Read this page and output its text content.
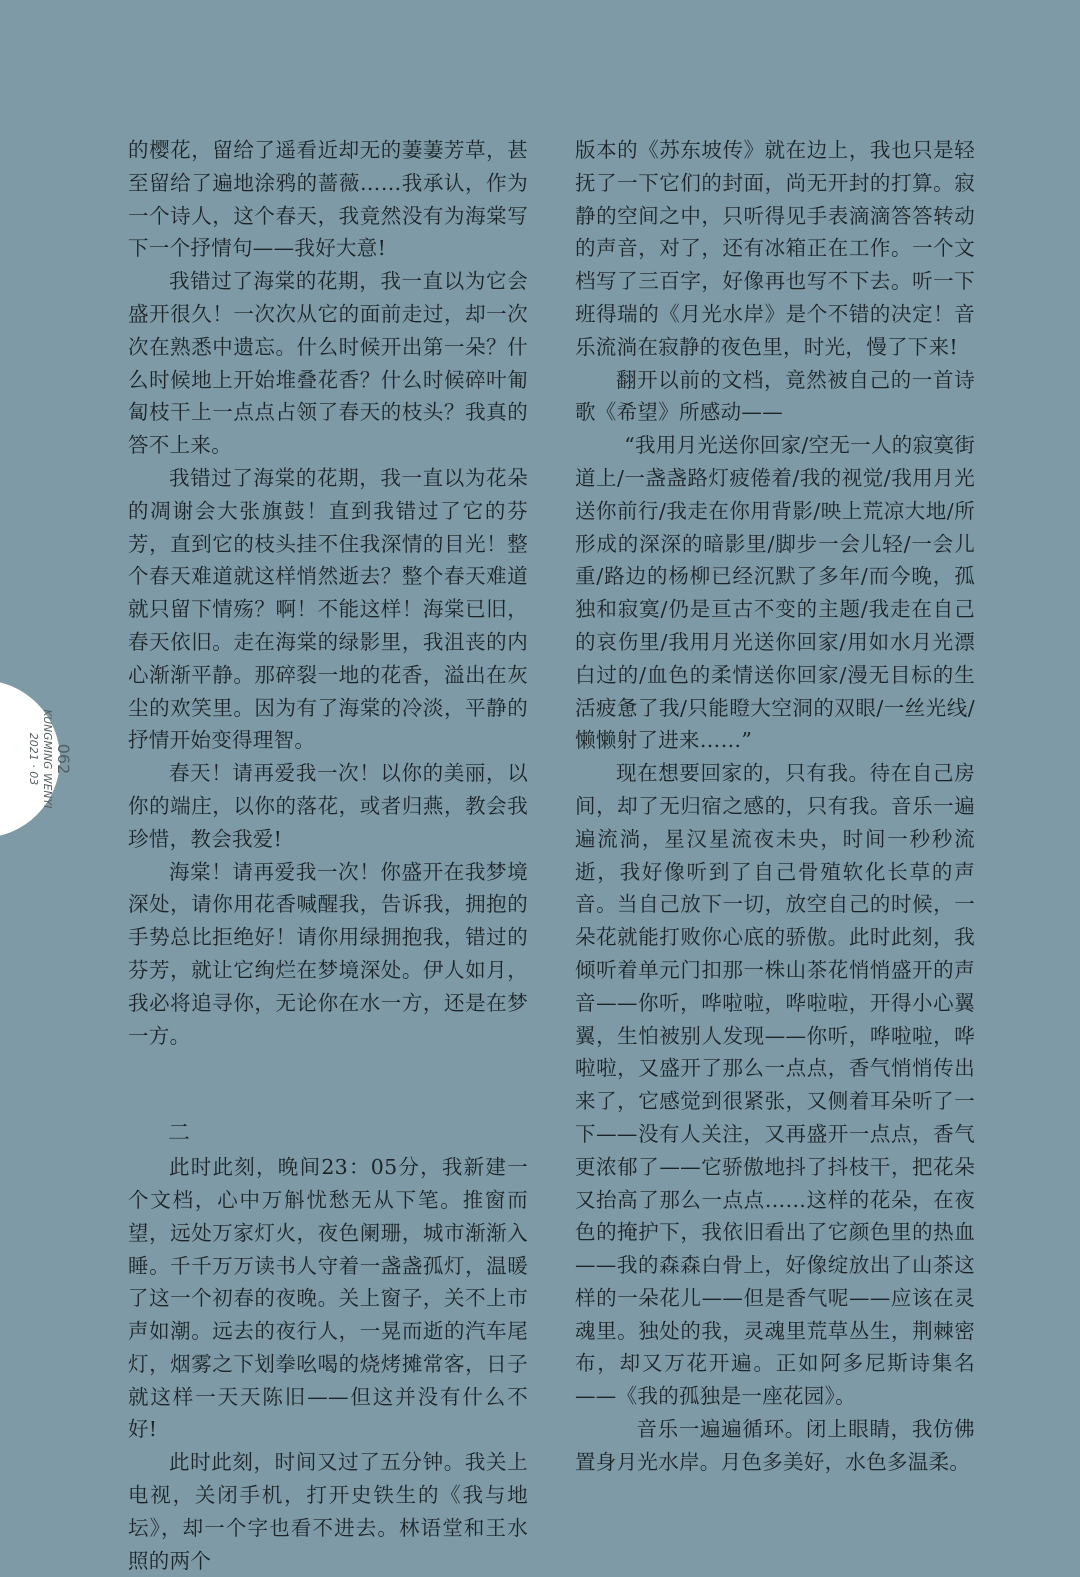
062
KUNGMING WENYI
2021 · 03

的樱花，留给了遥看近却无的萋萋芳草，甚至留给了遍地涂鸦的蔷薇……我承认，作为一个诗人，这个春天，我竟然没有为海棠写下一个抒情句——我好大意!

我错过了海棠的花期，我一直以为它会盛开很久！一次次从它的面前走过，却一次次在熟悉中遗忘。什么时候开出第一朵？什么时候地上开始堆叠花香？什么时候碎叶匍匐枝干上一点点占领了春天的枝头？我真的答不上来。

我错过了海棠的花期，我一直以为花朵的凋谢会大张旗鼓！直到我错过了它的芬芳，直到它的枝头挂不住我深情的目光！整个春天难道就这样悄然逝去？整个春天难道就只留下情殇？啊！不能这样！海棠已旧，春天依旧。走在海棠的绿影里，我沮丧的内心渐渐平静。那碎裂一地的花香，溢出在灰尘的欢笑里。因为有了海棠的冷淡，平静的抒情开始变得理智。

春天！请再爱我一次！以你的美丽，以你的端庄，以你的落花，或者归燕，教会我珍惜，教会我爱!

海棠！请再爱我一次！你盛开在我梦境深处，请你用花香喊醒我，告诉我，拥抱的手势总比拒绝好！请你用绿拥抱我，错过的芬芳，就让它绚烂在梦境深处。伊人如月，我必将追寻你，无论你在水一方，还是在梦一方。

二

此时此刻，晚间23：05分，我新建一个文档，心中万斛忧愁无从下笔。推窗而望，远处万家灯火，夜色阑珊，城市渐渐入睡。千千万万读书人守着一盏盏孤灯，温暖了这一个初春的夜晚。关上窗子，关不上市声如潮。远去的夜行人，一晃而逝的汽车尾灯，烟雾之下划拳吆喝的烧烤摊常客，日子就这样一天天陈旧——但这并没有什么不好!

此时此刻，时间又过了五分钟。我关上电视，关闭手机，打开史铁生的《我与地坛》，却一个字也看不进去。林语堂和王水照的两个

版本的《苏东坡传》就在边上，我也只是轻抚了一下它们的封面，尚无开封的打算。寂静的空间之中，只听得见手表滴滴答答转动的声音，对了，还有冰箱正在工作。一个文档写了三百字，好像再也写不下去。听一下班得瑞的《月光水岸》是个不错的决定！音乐流淌在寂静的夜色里，时光，慢了下来!

翻开以前的文档，竟然被自己的一首诗歌《希望》所感动——

“我用月光送你回家/空无一人的寂寞街道上/一盏盏路灯疲倦着/我的视觉/我用月光送你前行/我走在你用背影/映上荒凉大地/所形成的深深的暗影里/脚步一会儿轻/一会儿重/路边的杨柳已经沉默了多年/而今晚，孤独和寂寞/仍是亘古不变的主题/我走在自己的哀伤里/我用月光送你回家/用如水月光漂白过的/血色的柔情送你回家/漫无目标的生活疲惫了我/只能瞪大空洞的双眼/一丝光线/懒懒射了进来……”

现在想要回家的，只有我。待在自己房间，却了无归宿之感的，只有我。音乐一遍遍流淌，星汉星流夜未央，时间一秒秒流逝，我好像听到了自己骨殖软化长草的声音。当自己放下一切，放空自己的时候，一朵花就能打败你心底的骄傲。此时此刻，我倾听着单元门扣那一株山茶花悄悄盛开的声音——你听，哗啦啦，哗啦啦，开得小心翼翼，生怕被别人发现——你听，哗啦啦，哗啦啦，又盛开了那么一点点，香气悄悄传出来了，它感觉到很紧张，又侧着耳朵听了一下——没有人关注，又再盛开一点点，香气更浓郁了——它骄傲地抖了抖枝干，把花朵又抬高了那么一点点……这样的花朵，在夜色的掩护下，我依旧看出了它颜色里的热血——我的森森白骨上，好像绽放出了山茶这样的一朵花儿——但是香气呢——应该在灵魂里。独处的我，灵魂里荒草丛生，荆棘密布，却又万花开遍。正如阿多尼斯诗集名——《我的孤独是一座花园》。

音乐一遍遍循环。闭上眼睛，我仿佛置身月光水岸。月色多美好，水色多温柔。
